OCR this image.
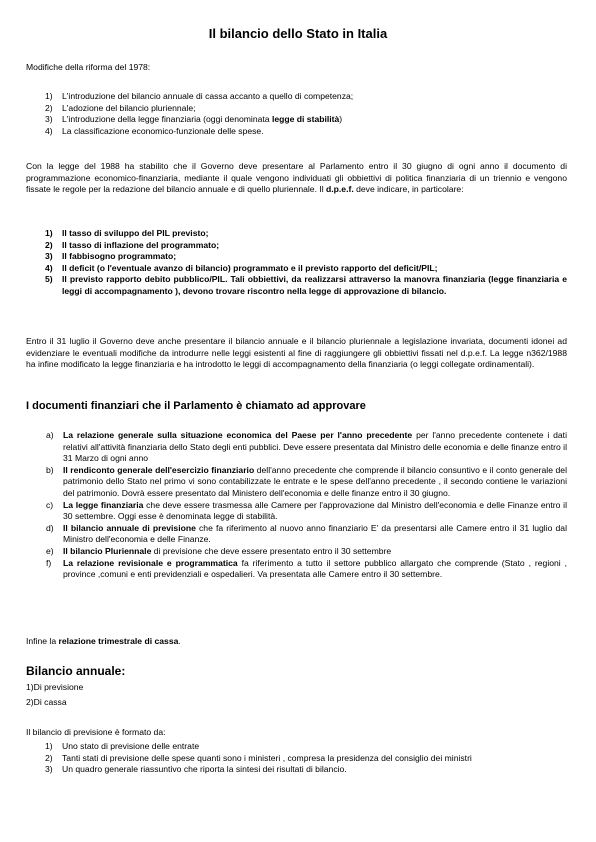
Il bilancio dello Stato in Italia
Modifiche della riforma del 1978:
1) L'introduzione del bilancio annuale di cassa accanto a quello di competenza;
2) L'adozione del bilancio pluriennale;
3) L'introduzione della legge finanziaria (oggi denominata legge di stabilità)
4) La classificazione economico-funzionale delle spese.
Con la legge del 1988 ha stabilito che il Governo deve presentare al Parlamento entro il 30 giugno di ogni anno il documento di programmazione economico-finanziaria, mediante il quale vengono individuati gli obbiettivi di politica finanziaria di un triennio e vengono fissate le regole per la redazione del bilancio annuale e di quello pluriennale. Il d.p.e.f. deve indicare, in particolare:
1) Il tasso di sviluppo del PIL previsto;
2) Il tasso di inflazione del programmato;
3) Il fabbisogno programmato;
4) Il deficit (o l'eventuale avanzo di bilancio) programmato e il previsto rapporto del deficit/PIL;
5) Il previsto rapporto debito pubblico/PIL. Tali obbiettivi, da realizzarsi attraverso la manovra finanziaria (legge finanziaria e leggi di accompagnamento ), devono trovare riscontro nella legge di approvazione di bilancio.
Entro il 31 luglio il Governo deve anche presentare il bilancio annuale e il bilancio pluriennale a legislazione invariata, documenti idonei ad evidenziare le eventuali modifiche da introdurre nelle leggi esistenti al fine di raggiungere gli obbiettivi fissati nel d.p.e.f. La legge n362/1988 ha infine modificato la legge finanziaria e ha introdotto le leggi di accompagnamento della finanziaria (o leggi collegate ordinamentali).
I documenti finanziari che il Parlamento è chiamato ad approvare
a) La relazione generale sulla situazione economica del Paese per l'anno precedente per l'anno precedente contenete i dati relativi all'attività finanziaria dello Stato degli enti pubblici. Deve essere presentata dal Ministro delle economia e delle finanze entro il 31 Marzo di ogni anno
b) Il rendiconto generale dell'esercizio finanziario dell'anno precedente che comprende il bilancio consuntivo e il conto generale del patrimonio dello Stato nel primo vi sono contabilizzate le entrate e le spese dell'anno precedente , il secondo contiene le variazioni del patrimonio. Dovrà essere presentato dal Ministero dell'economia e delle finanze entro il 30 giugno.
c) La legge finanziaria che deve essere trasmessa alle Camere per l'approvazione dal Ministro dell'economia e delle Finanze entro il 30 settembre. Oggi esse è denominata legge di stabilità.
d) Il bilancio annuale di previsione che fa riferimento al nuovo anno finanziario E' da presentarsi alle Camere entro il 31 luglio dal Ministro dell'economia e delle Finanze.
e) Il bilancio Pluriennale di previsione che deve essere presentato entro il 30 settembre
f) La relazione revisionale e programmatica fa riferimento a tutto il settore pubblico allargato che comprende (Stato , regioni , province ,comuni e enti previdenziali e ospedalieri. Va presentata alle Camere entro il 30 settembre.
Infine la relazione trimestrale di cassa.
Bilancio annuale:
1)Di previsione
2)Di cassa
Il bilancio di previsione è formato da:
1) Uno stato di previsione delle entrate
2) Tanti stati di previsione delle spese quanti sono i ministeri , compresa la presidenza del consiglio dei ministri
3) Un quadro generale riassuntivo che riporta la sintesi dei risultati di bilancio.
